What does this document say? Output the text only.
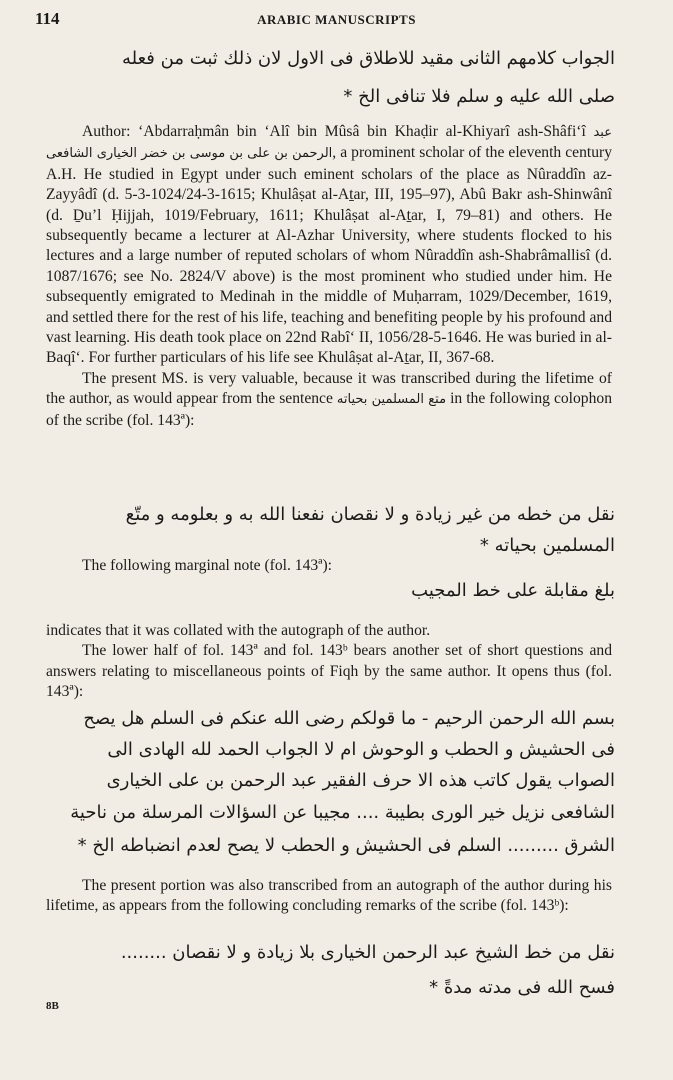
114	ARABIC MANUSCRIPTS
الجواب كلامهم الثانى مقيد للاطلاق فى الاول لان ذلك ثبت من فعله
صلى الله عليه و سلم فلا تنافى الخ *

Author: ‘Abdarraḥmân bin ‘Alî bin Mûsâ bin Khaḍir al-Khiyarî ash-Shâfi‘î عبد الرحمن بن على بن موسى بن خضر الخيارى الشافعى, a prominent scholar of the eleventh century A.H. He studied in Egypt under such eminent scholars of the place as Nûraddîn az-Zayyâdî (d. 5-3-1024/24-3-1615; Khulâṣat al-Aṯar, III, 195–97), Abû Bakr ash-Shinwânî (d. Ḏu’l Ḥijjah, 1019/February, 1611; Khulâṣat al-Aṯar, I, 79–81) and others. He subsequently became a lecturer at Al-Azhar University, where students flocked to his lectures and a large number of reputed scholars of whom Nûraddîn ash-Shabrâmallisî (d. 1087/1676; see No. 2824/V above) is the most prominent who studied under him. He subsequently emigrated to Medinah in the middle of Muḥarram, 1029/December, 1619, and settled there for the rest of his life, teaching and benefiting people by his profound and vast learning. His death took place on 22nd Rabî‘ II, 1056/28-5-1646. He was buried in al-Baqî‘. For further particulars of his life see Khulâṣat al-Aṯar, II, 367-68.

The present MS. is very valuable, because it was transcribed during the lifetime of the author, as would appear from the sentence متع المسلمين بحياته in the following colophon of the scribe (fol. 143ª):

نقل من خطه من غير زيادة و لا نقصان نفعنا الله به و بعلومه و متّع
المسلمين بحياته *
The following marginal note (fol. 143ª):
بلغ مقابلة على خط المجيب
indicates that it was collated with the autograph of the author.

The lower half of fol. 143ª and fol. 143ᵇ bears another set of short questions and answers relating to miscellaneous points of Fiqh by the same author. It opens thus (fol. 143ª):

بسم الله الرحمن الرحيم - ما قولكم رضى الله عنكم فى السلم هل يصح
فى الحشيش و الحطب و الوحوش ام لا الجواب الحمد لله الهادى الى
الصواب يقول كاتب هذه الا حرف الفقير عبد الرحمن بن على الخيارى
الشافعى نزيل خير الورى بطيبة .... مجيبا عن السؤالات المرسلة من ناحية
الشرق ......... السلم فى الحشيش و الحطب لا يصح لعدم انضباطه الخ *

The present portion was also transcribed from an autograph of the author during his lifetime, as appears from the following concluding remarks of the scribe (fol. 143ᵇ):

نقل من خط الشيخ عبد الرحمن الخيارى بلا زيادة و لا نقصان ........
فسح الله فى مدته مدةً *
8B
